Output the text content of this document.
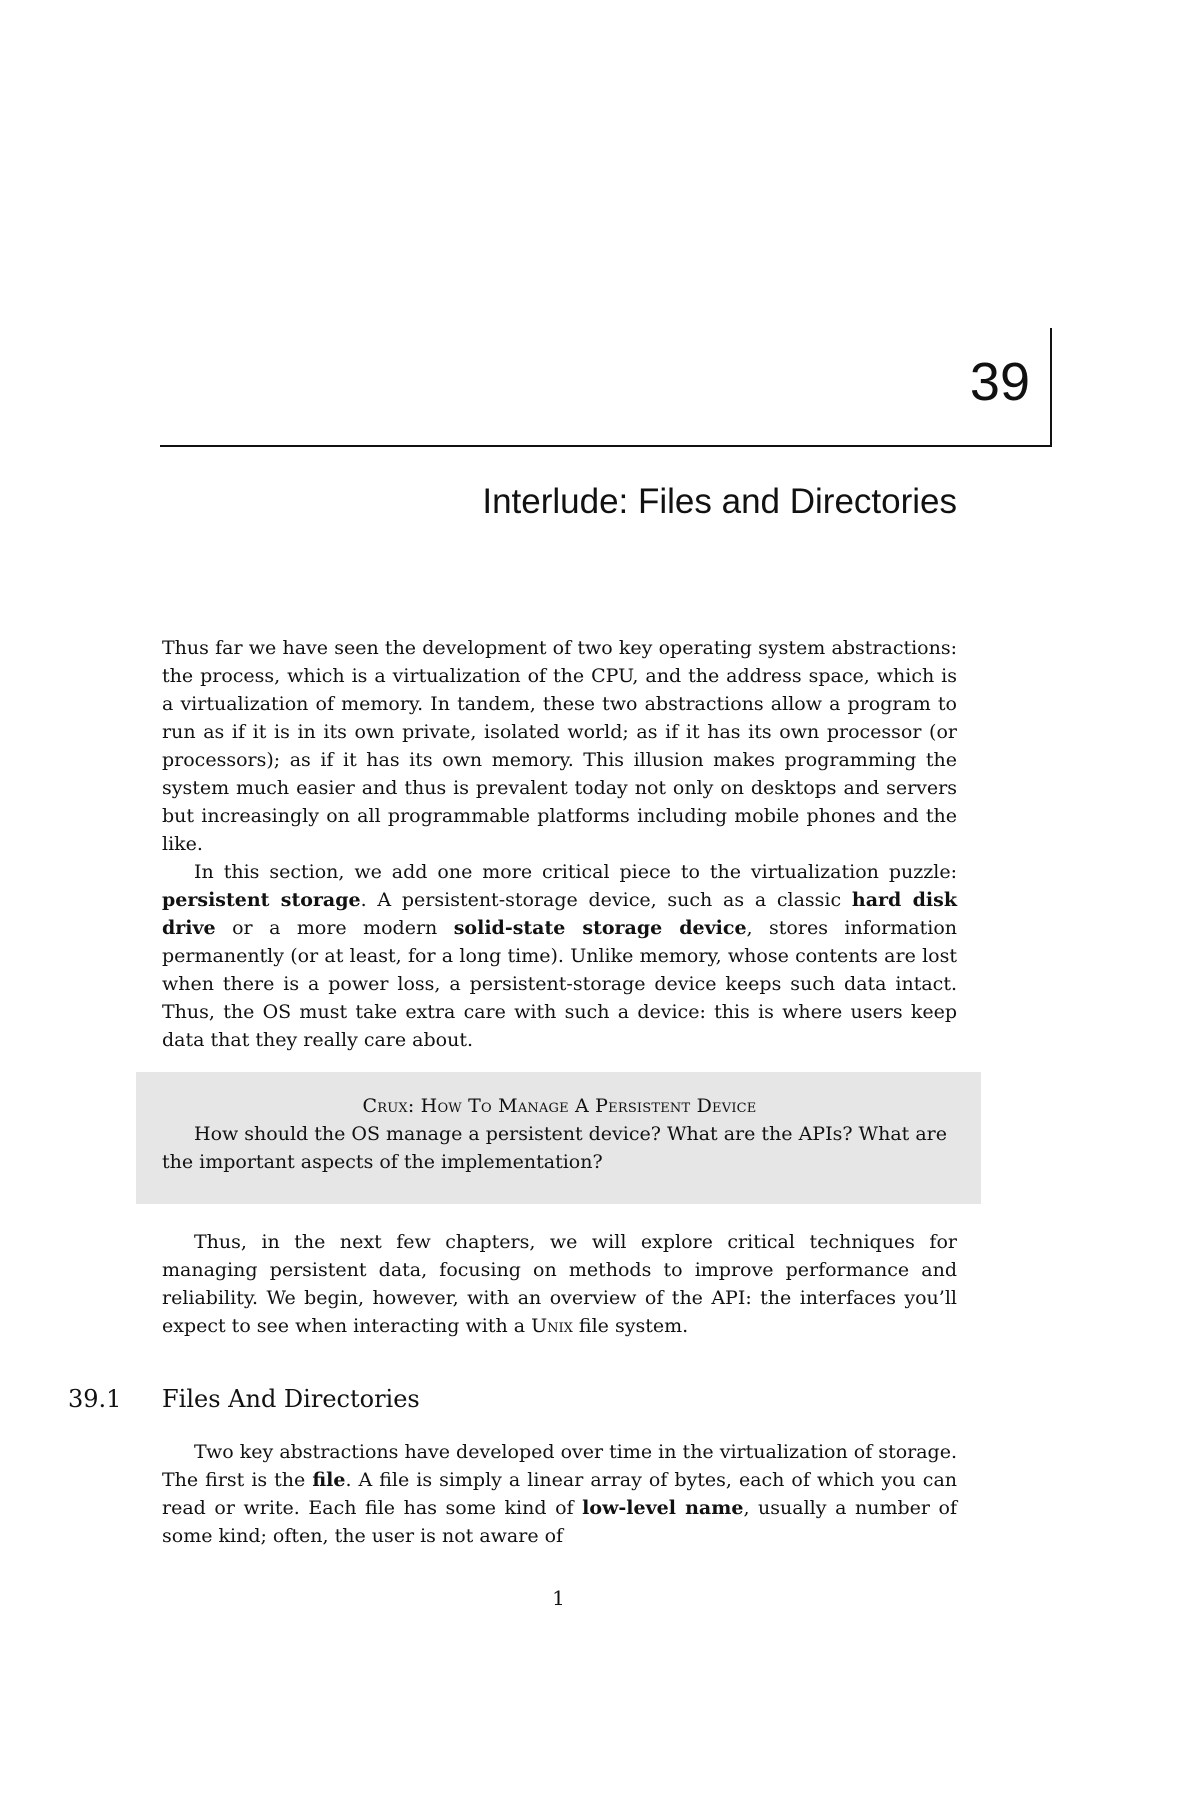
39
Interlude: Files and Directories

Thus far we have seen the development of two key operating system abstractions: the process, which is a virtualization of the CPU, and the address space, which is a virtualization of memory. In tandem, these two abstractions allow a program to run as if it is in its own private, isolated world; as if it has its own processor (or processors); as if it has its own memory. This illusion makes programming the system much easier and thus is prevalent today not only on desktops and servers but increasingly on all programmable platforms including mobile phones and the like.

In this section, we add one more critical piece to the virtualization puzzle: persistent storage. A persistent-storage device, such as a classic hard disk drive or a more modern solid-state storage device, stores information permanently (or at least, for a long time). Unlike memory, whose contents are lost when there is a power loss, a persistent-storage device keeps such data intact. Thus, the OS must take extra care with such a device: this is where users keep data that they really care about.

Crux: How To Manage A Persistent Device

How should the OS manage a persistent device? What are the APIs? What are the important aspects of the implementation?

Thus, in the next few chapters, we will explore critical techniques for managing persistent data, focusing on methods to improve performance and reliability. We begin, however, with an overview of the API: the interfaces you’ll expect to see when interacting with a Unix file system.

39.1 Files And Directories

Two key abstractions have developed over time in the virtualization of storage. The first is the file. A file is simply a linear array of bytes, each of which you can read or write. Each file has some kind of low-level name, usually a number of some kind; often, the user is not aware of

1
